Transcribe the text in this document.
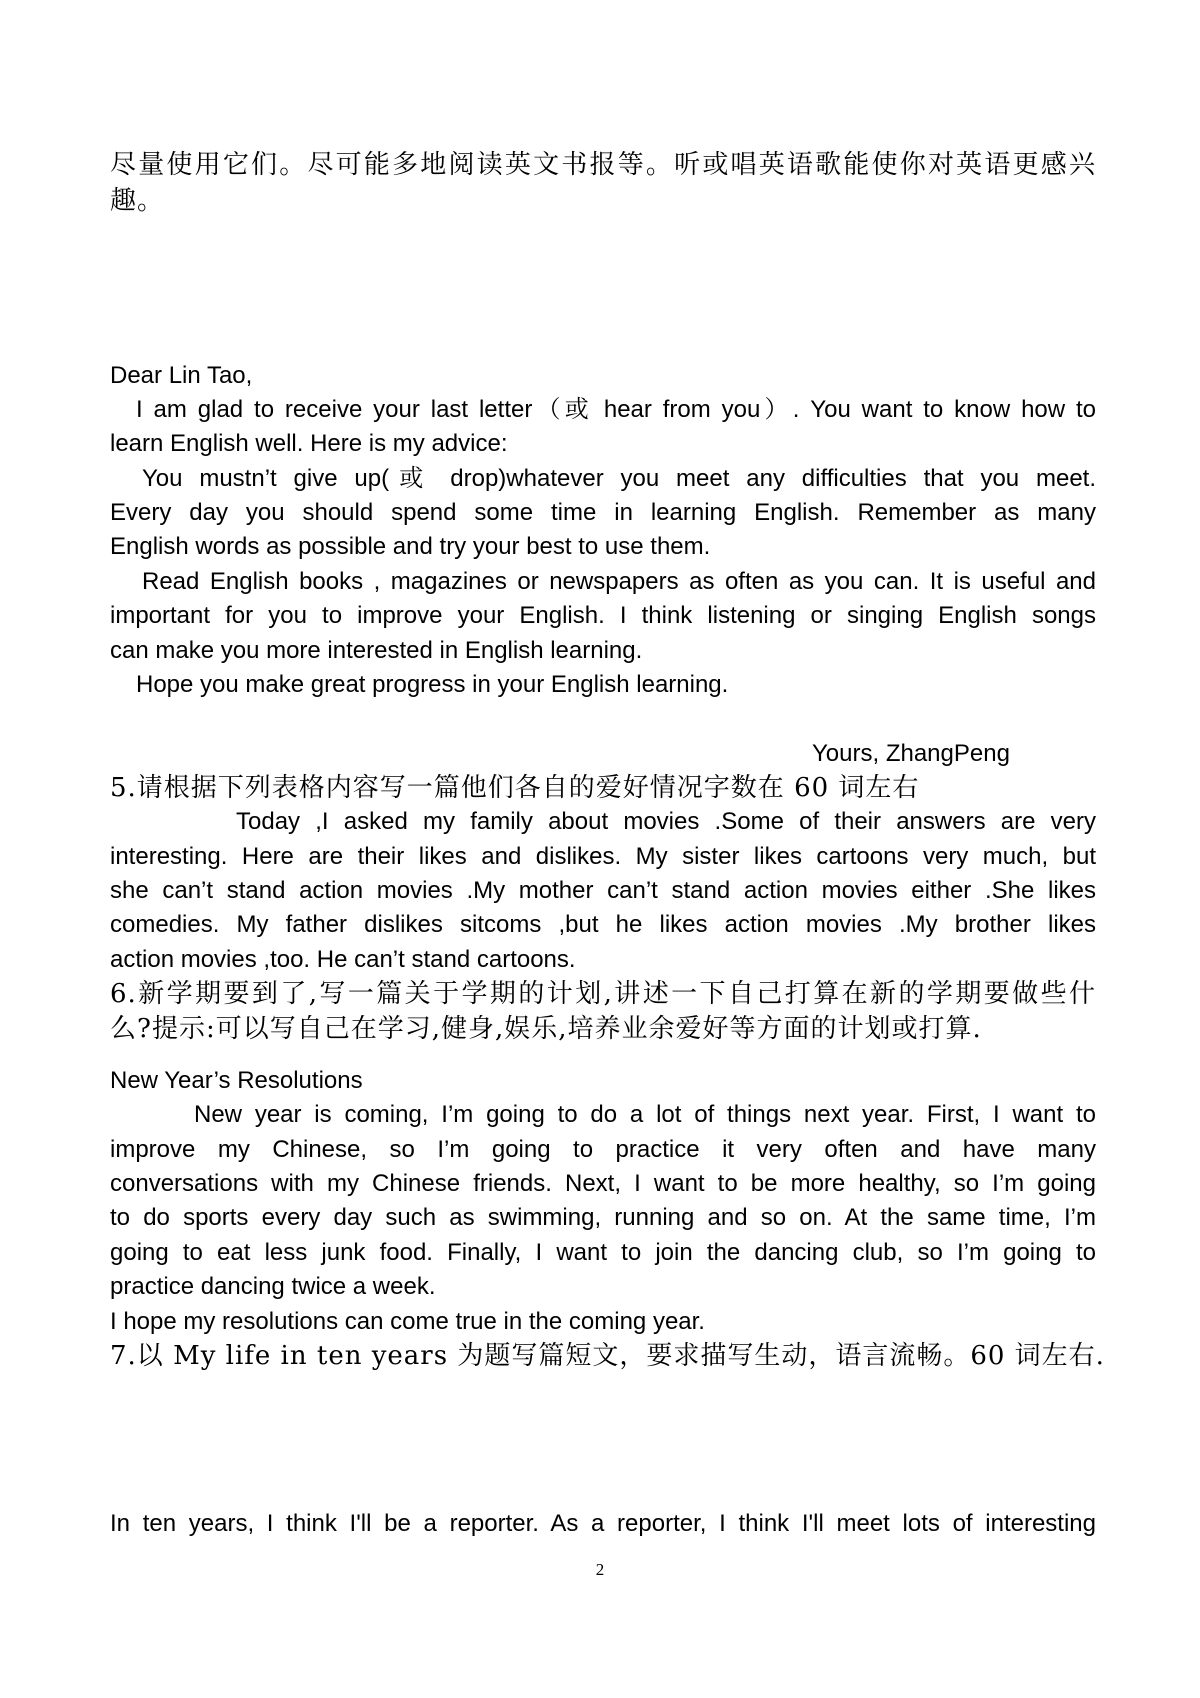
尽量使用它们。尽可能多地阅读英文书报等。听或唱英语歌能使你对英语更感兴

趣。

Dear Lin Tao,

I am glad to receive your last letter（或 hear from you）. You want to know how to

learn English well. Here is my advice:

You mustn’t give up(或 drop)whatever you meet any difficulties that you meet.

Every day you should spend some time in learning English. Remember as many

English words as possible and try your best to use them.

Read English books , magazines or newspapers as often as you can. It is useful and

important for you to improve your English. I think listening or singing English songs

can make you more interested in English learning.

Hope you make great progress in your English learning.

Yours, ZhangPeng

5.请根据下列表格内容写一篇他们各自的爱好情况字数在 60 词左右

Today ,I asked my family about movies .Some of their answers are very

interesting. Here are their likes and dislikes. My sister likes cartoons very much, but

she can’t stand action movies .My mother can’t stand action movies either .She likes

comedies. My father dislikes sitcoms ,but he likes action movies .My brother likes

action movies ,too. He can’t stand cartoons.

6.新学期要到了,写一篇关于学期的计划,讲述一下自己打算在新的学期要做些什

么?提示:可以写自己在学习,健身,娱乐,培养业余爱好等方面的计划或打算.

New Year’s Resolutions

New year is coming, I’m going to do a lot of things next year. First, I want to

improve my Chinese, so I’m going to practice it very often and have many

conversations with my Chinese friends. Next, I want to be more healthy, so I’m going

to do sports every day such as swimming, running and so on. At the same time, I’m

going to eat less junk food. Finally, I want to join the dancing club, so I’m going to

practice dancing twice a week.

I hope my resolutions can come true in the coming year.

7.以 My life in ten years 为题写篇短文，要求描写生动，语言流畅。60 词左右.

In ten years, I think I'll be a reporter. As a reporter, I think I'll meet lots of interesting

2
